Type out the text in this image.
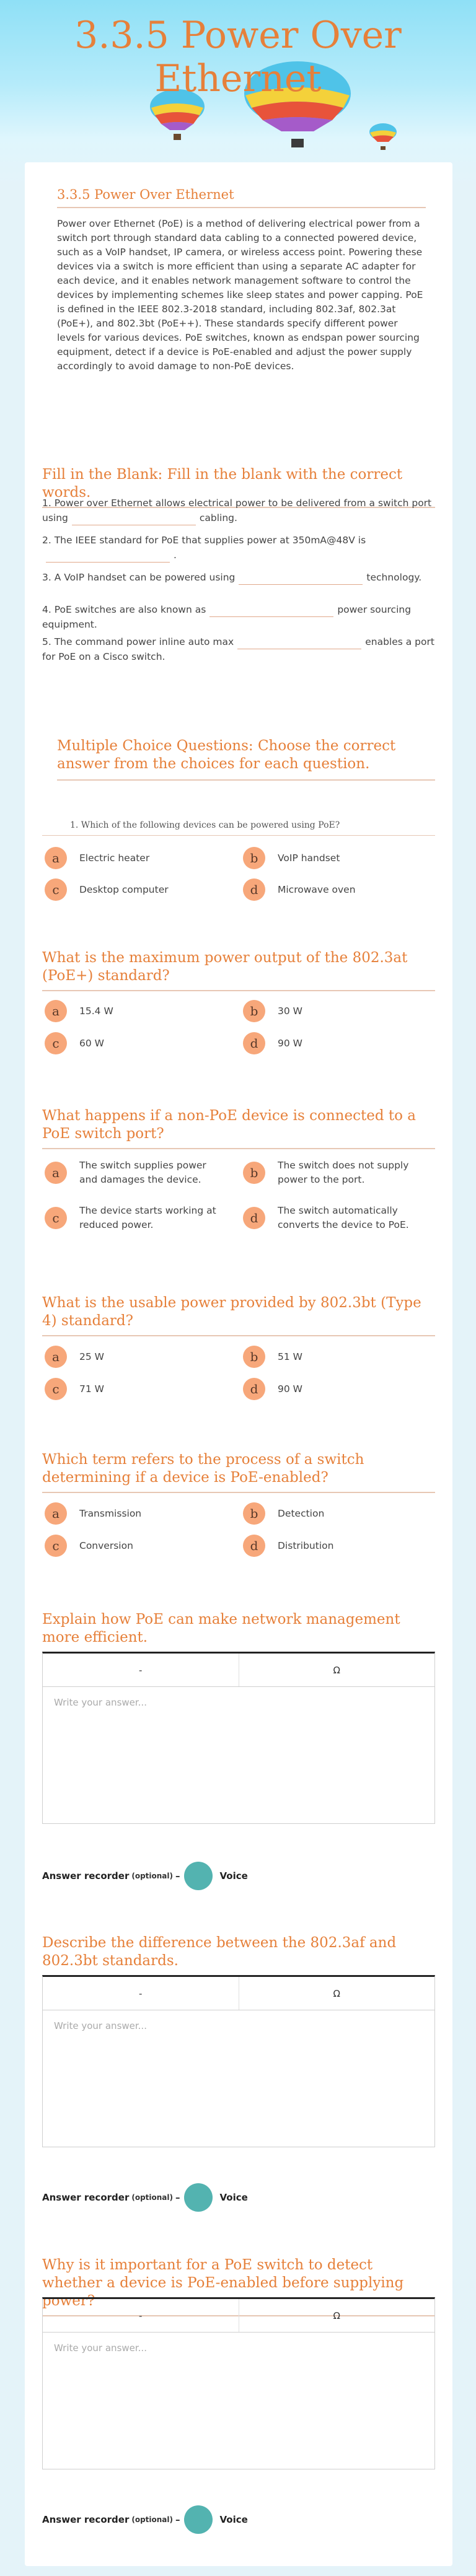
3.3.5 Power Over Ethernet
3.3.5 Power Over Ethernet
Power over Ethernet (PoE) is a method of delivering electrical power from a switch port through standard data cabling to a connected powered device, such as a VoIP handset, IP camera, or wireless access point. Powering these devices via a switch is more efficient than using a separate AC adapter for each device, and it enables network management software to control the devices by implementing schemes like sleep states and power capping. PoE is defined in the IEEE 802.3-2018 standard, including 802.3af, 802.3at (PoE+), and 802.3bt (PoE++). These standards specify different power levels for various devices. PoE switches, known as endspan power sourcing equipment, detect if a device is PoE-enabled and adjust the power supply accordingly to avoid damage to non-PoE devices.
Fill in the Blank: Fill in the blank with the correct words.
1. Power over Ethernet allows electrical power to be delivered from a switch port using	cabling.
2. The IEEE standard for PoE that supplies power at 350mA@48V is.
3. A VoIP handset can be powered using	technology.
4. PoE switches are also known as	power sourcing equipment.
5. The command power inline auto max	enables a port for PoE on a Cisco switch.
Multiple Choice Questions: Choose the correct answer from the choices for each question.
1. Which of the following devices can be powered using PoE?
a	Electric heater	b	VoIP handset
c	Desktop computer	d	Microwave oven
What is the maximum power output of the 802.3at (PoE+) standard?
a	15.4 W	b	30 W
c	60 W	d	90 W
What happens if a non-PoE device is connected to a PoE switch port?
a	The switch supplies power and damages the device.	b	The switch does not supply power to the port.
c	The device starts working at reduced power.	d	The switch automatically converts the device to PoE.
What is the usable power provided by 802.3bt (Type 4) standard?
a	25 W	b	51 W
c	71 W	d	90 W
Which term refers to the process of a switch determining if a device is PoE-enabled?
a	Transmission	b	Detection
c	Conversion	d	Distribution
Explain how PoE can make network management more efficient.
-	Ω
Write your answer...
Answer recorder (optional) –	Voice
Describe the difference between the 802.3af and 802.3bt standards.
-	Ω
Write your answer...
Answer recorder (optional) –	Voice
Why is it important for a PoE switch to detect whether a device is PoE-enabled before supplying power?
-	Ω
Write your answer...
Answer recorder (optional) –	Voice
